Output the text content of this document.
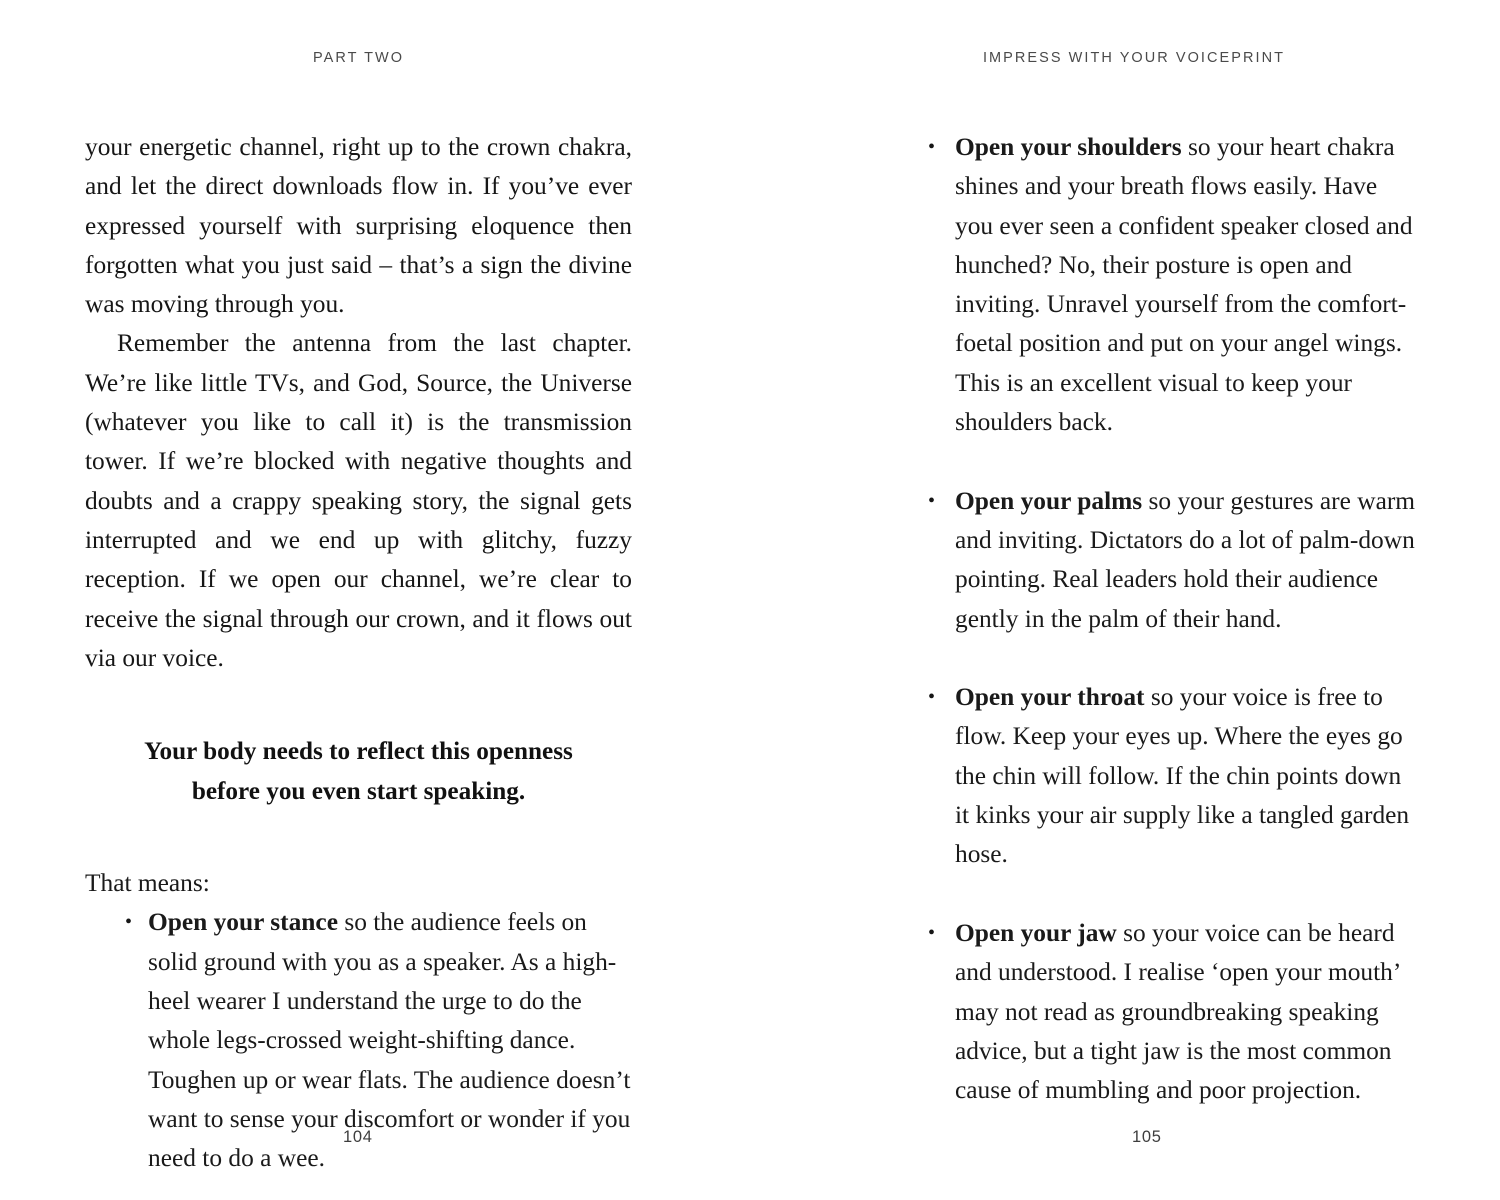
PART TWO	IMPRESS WITH YOUR VOICEPRINT

your energetic channel, right up to the crown chakra, and let the direct downloads flow in. If you’ve ever expressed yourself with surprising eloquence then forgotten what you just said – that’s a sign the divine was moving through you.

Remember the antenna from the last chapter. We’re like little TVs, and God, Source, the Universe (whatever you like to call it) is the transmission tower. If we’re blocked with negative thoughts and doubts and a crappy speaking story, the signal gets interrupted and we end up with glitchy, fuzzy reception. If we open our channel, we’re clear to receive the signal through our crown, and it flows out via our voice.

Your body needs to reflect this openness
before you even start speaking.

That means:

• Open your stance so the audience feels on solid ground with you as a speaker. As a high-heel wearer I understand the urge to do the whole legs-crossed weight-shifting dance. Toughen up or wear flats. The audience doesn’t want to sense your discomfort or wonder if you need to do a wee.
• Open your shoulders so your heart chakra shines and your breath flows easily. Have you ever seen a confident speaker closed and hunched? No, their posture is open and inviting. Unravel yourself from the comfort-foetal position and put on your angel wings. This is an excellent visual to keep your shoulders back.
• Open your palms so your gestures are warm and inviting. Dictators do a lot of palm-down pointing. Real leaders hold their audience gently in the palm of their hand.
• Open your throat so your voice is free to flow. Keep your eyes up. Where the eyes go the chin will follow. If the chin points down it kinks your air supply like a tangled garden hose.
• Open your jaw so your voice can be heard and understood. I realise ‘open your mouth’ may not read as groundbreaking speaking advice, but a tight jaw is the most common cause of mumbling and poor projection.
104	105
